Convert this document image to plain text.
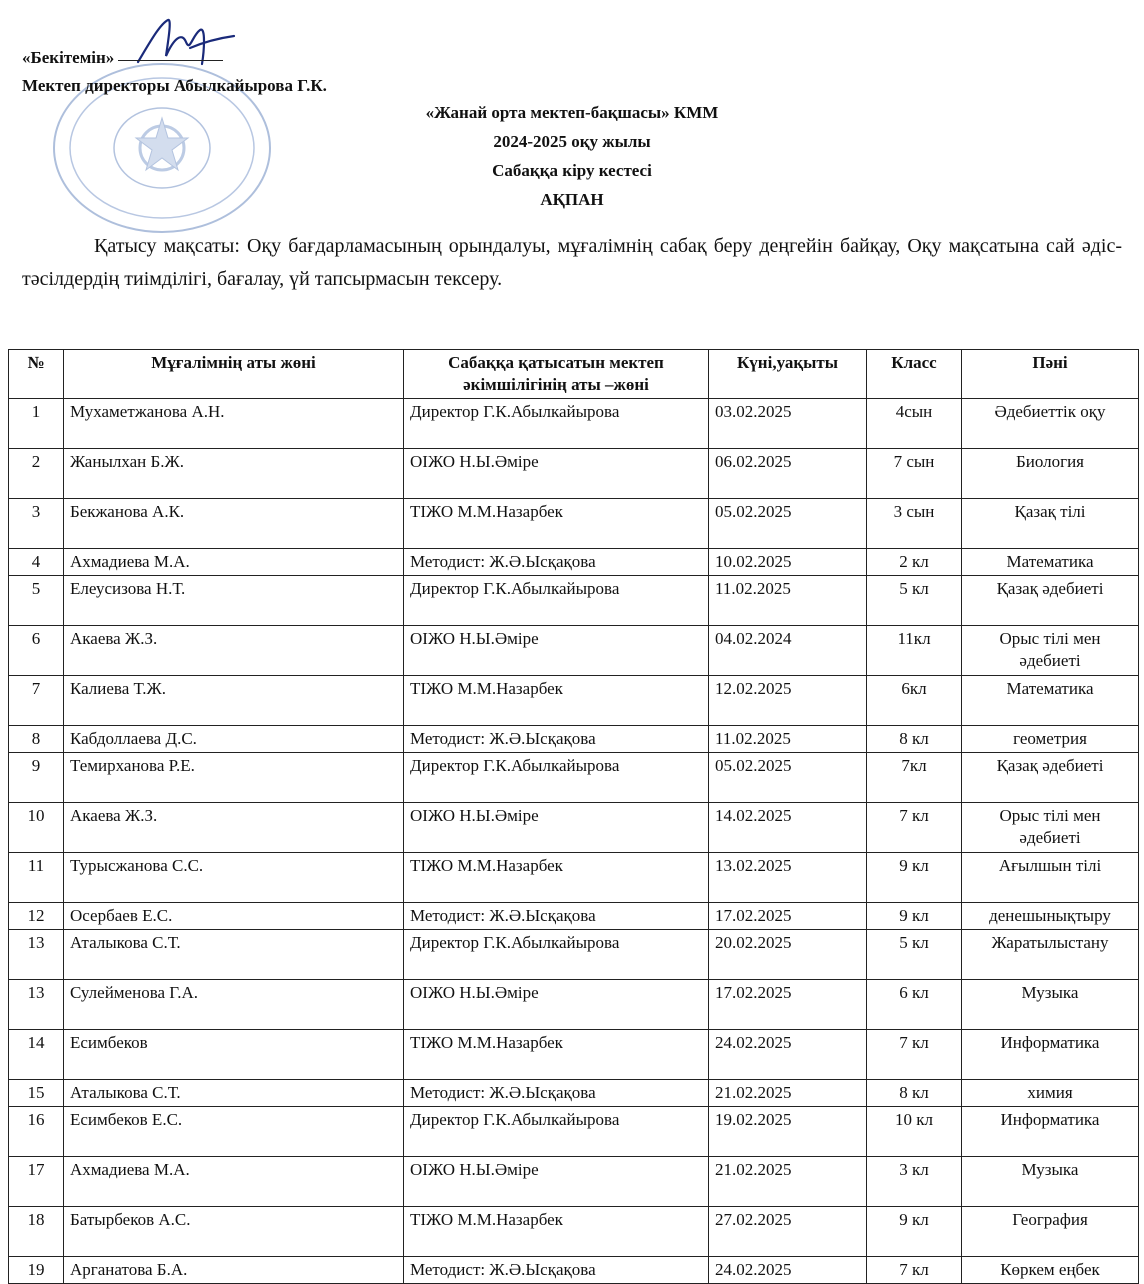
«Бекітемін»
Мектеп директоры Абылкайырова Г.К.
«Жанай орта мектеп-бақшасы» КММ
2024-2025 оқу жылы
Сабаққа кіру кестесі
АҚПАН
Қатысу мақсаты: Оқу бағдарламасының орындалуы, мұғалімнің сабақ беру деңгейін байқау, Оқу мақсатына сай әдіс-тәсілдердің тиімділігі, бағалау, үй тапсырмасын тексеру.
№	Мұғалімнің аты жөні	Сабаққа қатысатын мектеп әкімшілігінің аты –жөні	Күні,уақыты	Класс	Пәні
1	Мухаметжанова А.Н.	Директор Г.К.Абылкайырова	03.02.2025	4сын	Әдебиеттік оқу
2	Жанылхан Б.Ж.	ОІЖО Н.Ы.Әміре	06.02.2025	7 сын	Биология
3	Бекжанова А.К.	ТІЖО М.М.Назарбек	05.02.2025	3 сын	Қазақ тілі
4	Ахмадиева М.А.	Методист: Ж.Ә.Ысқақова	10.02.2025	2 кл	Математика
5	Елеусизова Н.Т.	Директор Г.К.Абылкайырова	11.02.2025	5 кл	Қазақ әдебиеті
6	Акаева Ж.З.	ОІЖО Н.Ы.Әміре	04.02.2024	11кл	Орыс тілі мен әдебиеті
7	Калиева Т.Ж.	ТІЖО М.М.Назарбек	12.02.2025	6кл	Математика
8	Кабдоллаева Д.С.	Методист: Ж.Ә.Ысқақова	11.02.2025	8 кл	геометрия
9	Темирханова Р.Е.	Директор Г.К.Абылкайырова	05.02.2025	7кл	Қазақ әдебиеті
10	Акаева Ж.З.	ОІЖО Н.Ы.Әміре	14.02.2025	7 кл	Орыс тілі мен әдебиеті
11	Турысжанова С.С.	ТІЖО М.М.Назарбек	13.02.2025	9 кл	Ағылшын тілі
12	Осербаев Е.С.	Методист: Ж.Ә.Ысқақова	17.02.2025	9 кл	денешынықтыру
13	Аталыкова С.Т.	Директор Г.К.Абылкайырова	20.02.2025	5 кл	Жаратылыстану
13	Сулейменова Г.А.	ОІЖО Н.Ы.Әміре	17.02.2025	6 кл	Музыка
14	Есимбеков	ТІЖО М.М.Назарбек	24.02.2025	7 кл	Информатика
15	Аталыкова С.Т.	Методист: Ж.Ә.Ысқақова	21.02.2025	8 кл	химия
16	Есимбеков Е.С.	Директор Г.К.Абылкайырова	19.02.2025	10 кл	Информатика
17	Ахмадиева М.А.	ОІЖО Н.Ы.Әміре	21.02.2025	3 кл	Музыка
18	Батырбеков А.С.	ТІЖО М.М.Назарбек	27.02.2025	9 кл	География
19	Арганатова Б.А.	Методист: Ж.Ә.Ысқақова	24.02.2025	7 кл	Көркем еңбек
